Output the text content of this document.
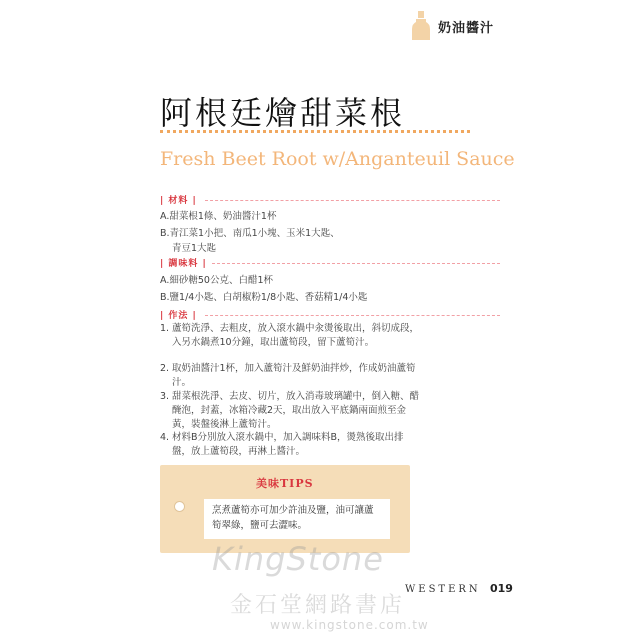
奶油醬汁
阿根廷燴甜菜根
Fresh Beet Root w/Anganteuil Sauce
| 材料 |
A.甜菜根1條、奶油醬汁1杯
B.青江菜1小把、南瓜1小塊、玉米1大匙、
青豆1大匙
| 調味料 |
A.細砂糖50公克、白醋1杯
B.鹽1/4小匙、白胡椒粉1/8小匙、香菇精1/4小匙
| 作法 |
1. 蘆筍洗淨、去粗皮，放入滾水鍋中汆燙後取出，斜切成段，入另水鍋煮10分鐘，取出蘆筍段，留下蘆筍汁。
2. 取奶油醬汁1杯，加入蘆筍汁及鮮奶油拌炒，作成奶油蘆筍汁。
3. 甜菜根洗淨、去皮、切片，放入消毒玻璃罐中，倒入糖、醋醃泡，封蓋，冰箱冷藏2天，取出放入平底鍋兩面煎至金黃，裝盤後淋上蘆筍汁。
4. 材料B分別放入滾水鍋中，加入調味料B，燙熟後取出排盤，放上蘆筍段，再淋上醬汁。
美味TIPS
烹煮蘆筍亦可加少許油及鹽，油可讓蘆筍翠綠，鹽可去澀味。
KingStone
金石堂網路書店
www.kingstone.com.tw
WESTERN 019
